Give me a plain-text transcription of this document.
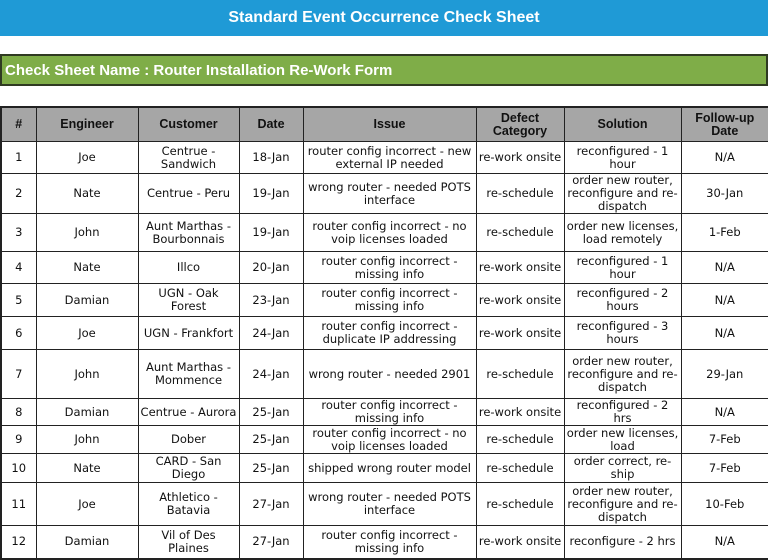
Standard Event Occurrence Check Sheet
Check Sheet Name : Router Installation Re-Work Form
#	Engineer	Customer	Date	Issue	Defect Category	Solution	Follow-up Date
1	Joe	Centrue - Sandwich	18-Jan	router config incorrect - new external IP needed	re-work onsite	reconfigured - 1 hour	N/A
2	Nate	Centrue - Peru	19-Jan	wrong router - needed POTS interface	re-schedule	order new router, reconfigure and re-dispatch	30-Jan
3	John	Aunt Marthas - Bourbonnais	19-Jan	router config incorrect - no voip licenses loaded	re-schedule	order new licenses, load remotely	1-Feb
4	Nate	Illco	20-Jan	router config incorrect - missing info	re-work onsite	reconfigured - 1 hour	N/A
5	Damian	UGN - Oak Forest	23-Jan	router config incorrect - missing info	re-work onsite	reconfigured - 2 hours	N/A
6	Joe	UGN - Frankfort	24-Jan	router config incorrect - duplicate IP addressing	re-work onsite	reconfigured - 3 hours	N/A
7	John	Aunt Marthas - Mommence	24-Jan	wrong router - needed 2901	re-schedule	order new router, reconfigure and re-dispatch	29-Jan
8	Damian	Centrue - Aurora	25-Jan	router config incorrect - missing info	re-work onsite	reconfigured - 2 hrs	N/A
9	John	Dober	25-Jan	router config incorrect - no voip licenses loaded	re-schedule	order new licenses, load	7-Feb
10	Nate	CARD - San Diego	25-Jan	shipped wrong router model	re-schedule	order correct, re-ship	7-Feb
11	Joe	Athletico - Batavia	27-Jan	wrong router - needed POTS interface	re-schedule	order new router, reconfigure and re-dispatch	10-Feb
12	Damian	Vil of Des Plaines	27-Jan	router config incorrect - missing info	re-work onsite	reconfigure - 2 hrs	N/A
